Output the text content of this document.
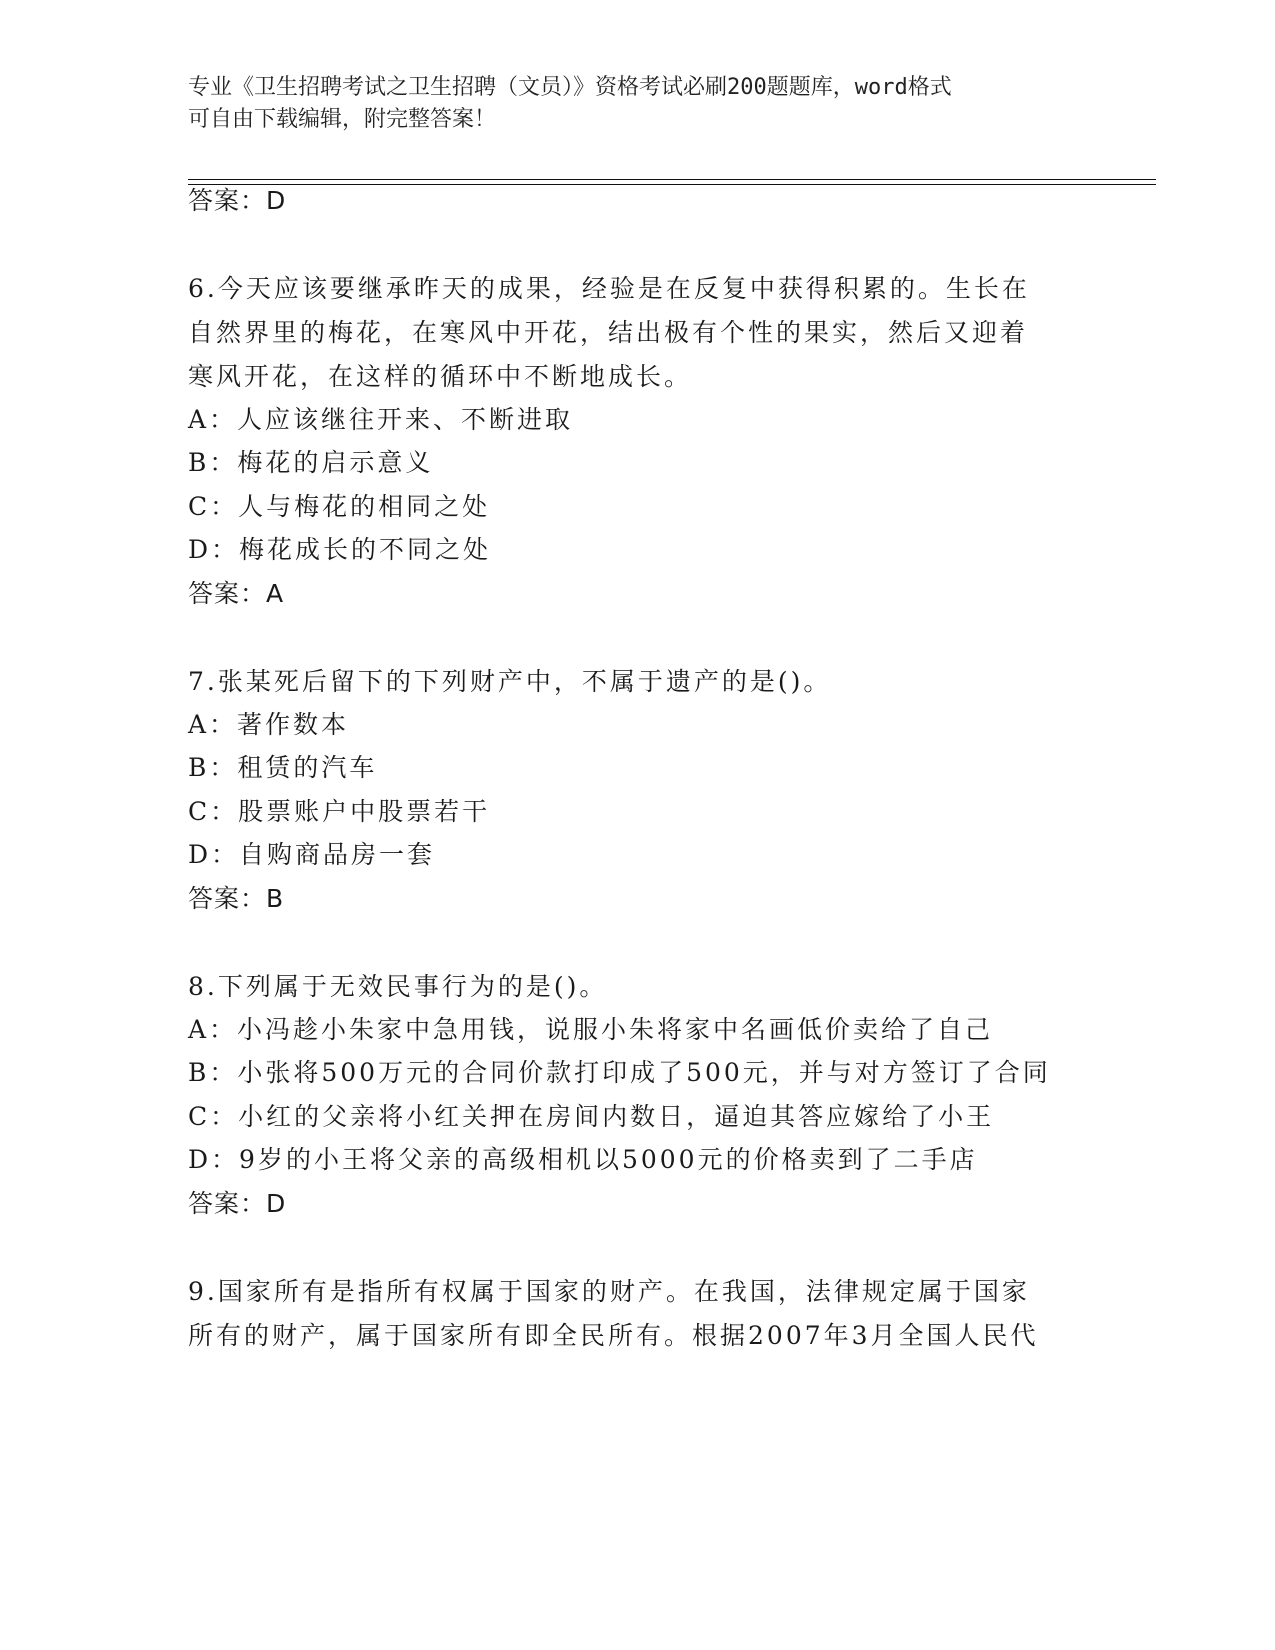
专业《卫生招聘考试之卫生招聘（文员）》资格考试必刷200题题库，word格式

可自由下载编辑，附完整答案！

答案：D
6.今天应该要继承昨天的成果，经验是在反复中获得积累的。生长在
自然界里的梅花，在寒风中开花，结出极有个性的果实，然后又迎着
寒风开花，在这样的循环中不断地成长。
A：人应该继往开来、不断进取
B：梅花的启示意义
C：人与梅花的相同之处
D：梅花成长的不同之处
答案：A
7.张某死后留下的下列财产中，不属于遗产的是()。
A：著作数本
B：租赁的汽车
C：股票账户中股票若干
D：自购商品房一套
答案：B
8.下列属于无效民事行为的是()。
A：小冯趁小朱家中急用钱，说服小朱将家中名画低价卖给了自己
B：小张将500万元的合同价款打印成了500元，并与对方签订了合同
C：小红的父亲将小红关押在房间内数日，逼迫其答应嫁给了小王
D：9岁的小王将父亲的高级相机以5000元的价格卖到了二手店
答案：D
9.国家所有是指所有权属于国家的财产。在我国，法律规定属于国家
所有的财产，属于国家所有即全民所有。根据2007年3月全国人民代
